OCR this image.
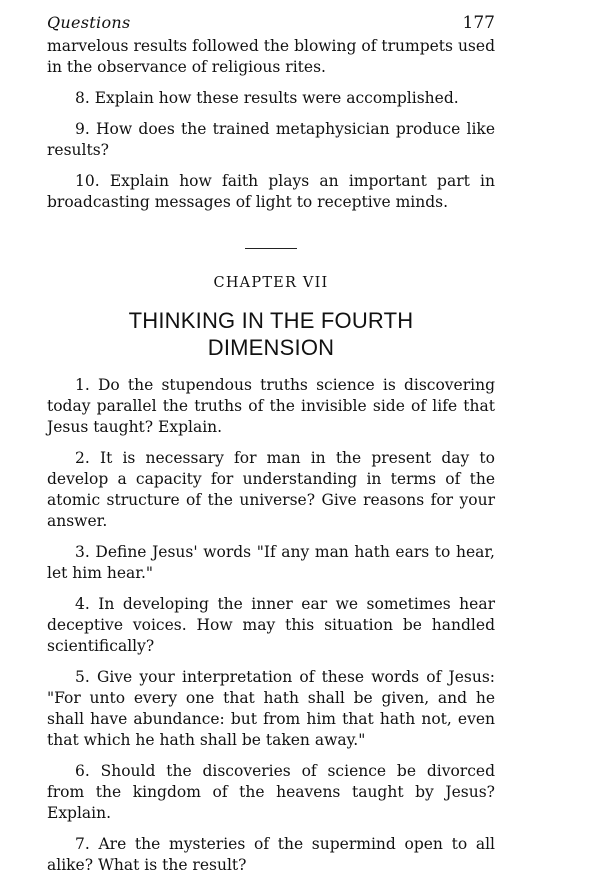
Questions	177

marvelous results followed the blowing of trumpets used in the observance of religious rites.

8. Explain how these results were accomplished.

9. How does the trained metaphysician produce like results?

10. Explain how faith plays an important part in broadcasting messages of light to receptive minds.

CHAPTER VII
THINKING IN THE FOURTH
DIMENSION

1. Do the stupendous truths science is discovering today parallel the truths of the invisible side of life that Jesus taught? Explain.

2. It is necessary for man in the present day to develop a capacity for understanding in terms of the atomic structure of the universe? Give reasons for your answer.

3. Define Jesus' words "If any man hath ears to hear, let him hear."

4. In developing the inner ear we sometimes hear deceptive voices. How may this situation be handled scientifically?

5. Give your interpretation of these words of Jesus: "For unto every one that hath shall be given, and he shall have abundance: but from him that hath not, even that which he hath shall be taken away."

6. Should the discoveries of science be divorced from the kingdom of the heavens taught by Jesus? Explain.

7. Are the mysteries of the supermind open to all alike? What is the result?
